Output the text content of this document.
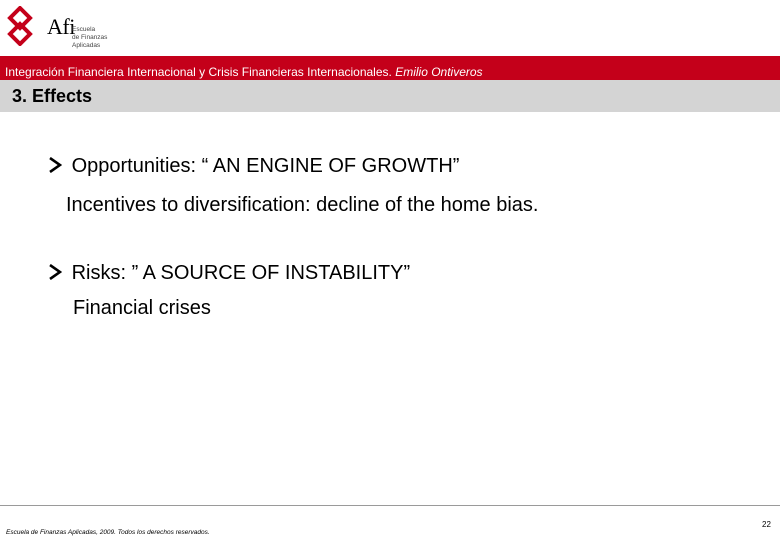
Afi
Escuela
de Finanzas
Aplicadas
Integración Financiera Internacional y Crisis Financieras Internacionales. Emilio Ontiveros
3. Effects
Opportunities: “ AN ENGINE OF GROWTH”
Incentives to diversification: decline of the home bias.
Risks: ” A SOURCE OF INSTABILITY”
Financial crises
Escuela de Finanzas Aplicadas, 2009. Todos los derechos reservados.
22
